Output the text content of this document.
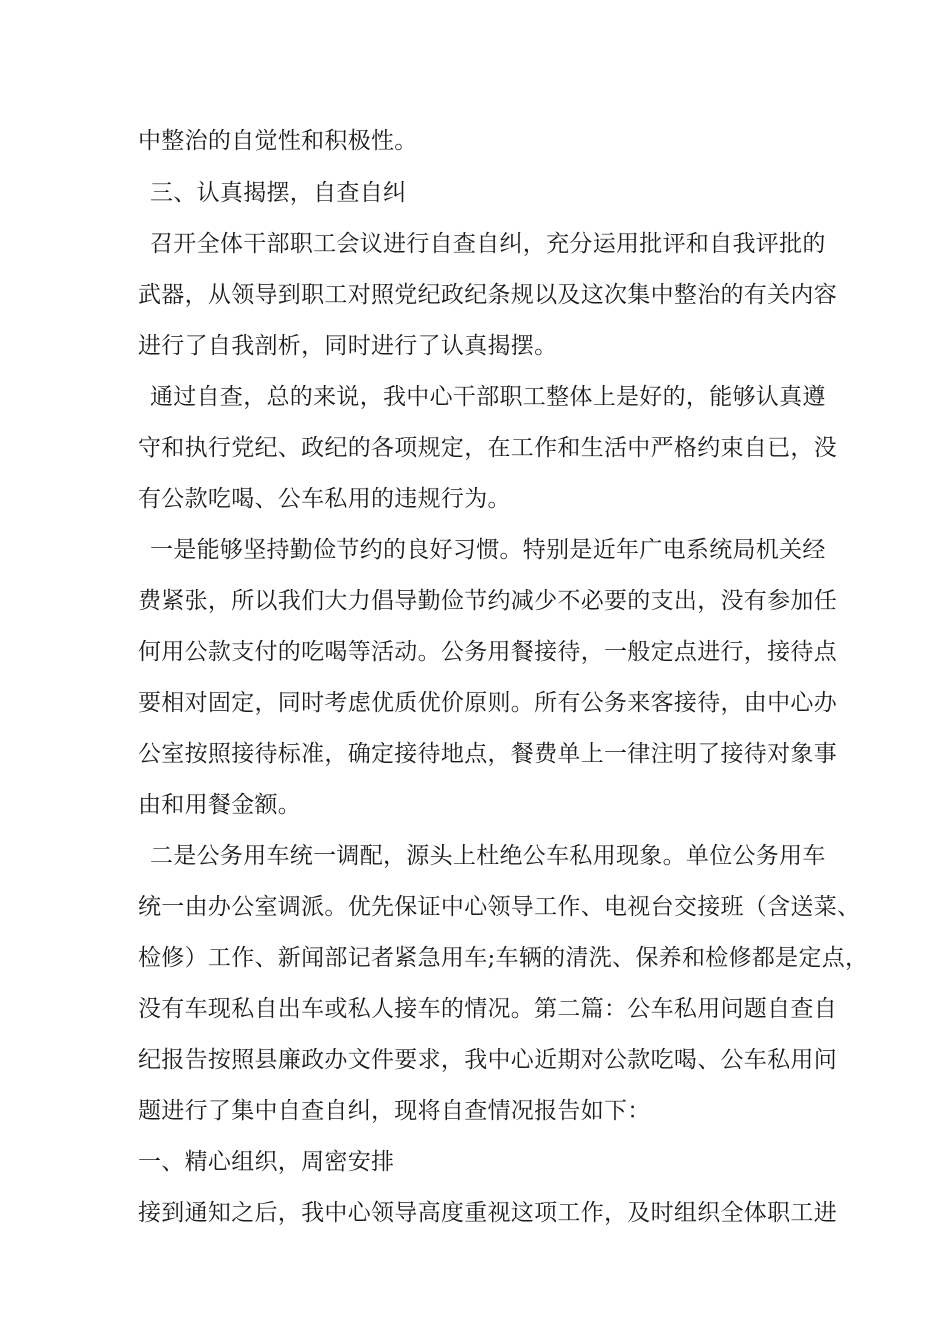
中整治的自觉性和积极性。
三、认真揭摆，自查自纠
召开全体干部职工会议进行自查自纠，充分运用批评和自我评批的
武器，从领导到职工对照党纪政纪条规以及这次集中整治的有关内容
进行了自我剖析，同时进行了认真揭摆。
通过自查，总的来说，我中心干部职工整体上是好的，能够认真遵
守和执行党纪、政纪的各项规定，在工作和生活中严格约束自已，没
有公款吃喝、公车私用的违规行为。
一是能够坚持勤俭节约的良好习惯。特别是近年广电系统局机关经
费紧张，所以我们大力倡导勤俭节约减少不必要的支出，没有参加任
何用公款支付的吃喝等活动。公务用餐接待，一般定点进行，接待点
要相对固定，同时考虑优质优价原则。所有公务来客接待，由中心办
公室按照接待标准，确定接待地点，餐费单上一律注明了接待对象事
由和用餐金额。
二是公务用车统一调配，源头上杜绝公车私用现象。单位公务用车
统一由办公室调派。优先保证中心领导工作、电视台交接班（含送菜、
检修）工作、新闻部记者紧急用车;车辆的清洗、保养和检修都是定点，
没有车现私自出车或私人接车的情况。第二篇：公车私用问题自查自
纪报告按照县廉政办文件要求，我中心近期对公款吃喝、公车私用问
题进行了集中自查自纠，现将自查情况报告如下：
一、精心组织，周密安排
接到通知之后，我中心领导高度重视这项工作，及时组织全体职工进
